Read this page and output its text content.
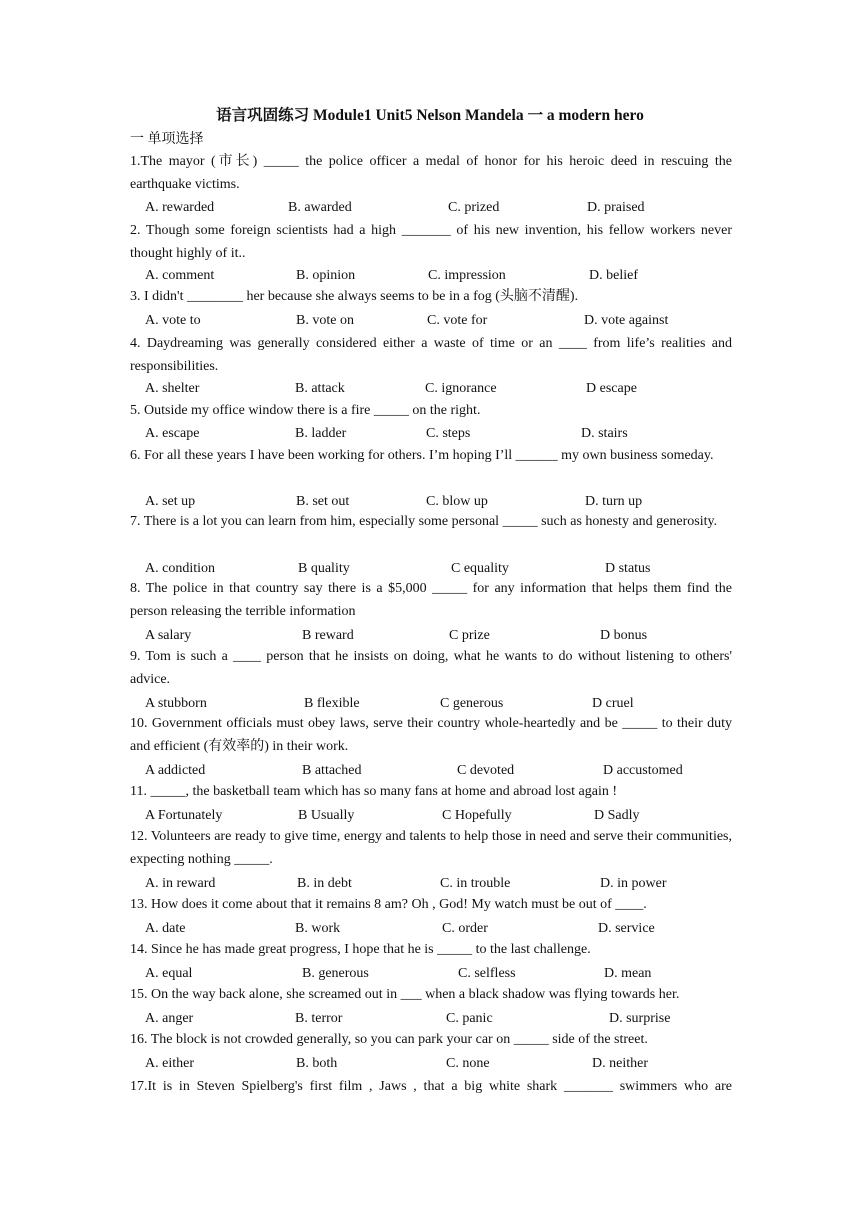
语言巩固练习 Module1 Unit5 Nelson Mandela 一 a modern hero
一 单项选择
1.The mayor (市长) _____ the police officer a medal of honor for his heroic deed in rescuing the earthquake victims.
A. rewarded	B. awarded	C. prized	D. praised
2. Though some foreign scientists had a high _______ of his new invention, his fellow workers never thought highly of it..
A. comment	B. opinion	C. impression	D. belief
3. I didn't ________ her because she always seems to be in a fog (头脑不清醒).
A. vote to	B. vote on	C. vote for	D. vote against
4. Daydreaming was generally considered either a waste of time or an ____ from life’s realities and responsibilities.
A. shelter	B. attack	C. ignorance	D escape
5. Outside my office window there is a fire _____ on the right.
A. escape	B. ladder	C. steps	D. stairs
6. For all these years I have been working for others. I’m hoping I’ll ______ my own business someday.
A. set up	B. set out	C. blow up	D. turn up
7. There is a lot you can learn from him, especially some personal _____ such as honesty and generosity.
A. condition	B quality	C equality	D status
8. The police in that country say there is a $5,000 _____ for any information that helps them find the person releasing the terrible information
A salary	B reward	C prize	D bonus
9. Tom is such a ____ person that he insists on doing, what he wants to do without listening to others' advice.
A stubborn	B flexible	C generous	D cruel
10. Government officials must obey laws, serve their country whole-heartedly and be _____ to their duty and efficient (有效率的) in their work.
A addicted	B attached	C devoted	D accustomed
11. _____, the basketball team which has so many fans at home and abroad lost again !
A Fortunately	B Usually	C Hopefully	D Sadly
12. Volunteers are ready to give time, energy and talents to help those in need and serve their communities, expecting nothing _____.
A. in reward	B. in debt	C. in trouble	D. in power
13. How does it come about that it remains 8 am? Oh , God! My watch must be out of ____.
A. date	B. work	C. order	D. service
14. Since he has made great progress, I hope that he is _____ to the last challenge.
A. equal	B. generous	C. selfless	D. mean
15. On the way back alone, she screamed out in ___ when a black shadow was flying towards her.
A. anger	B. terror	C. panic	D. surprise
16. The block is not crowded generally, so you can park your car on _____ side of the street.
A. either	B. both	C. none	D. neither
17.It is in Steven Spielberg's first film , Jaws , that a big white shark _______ swimmers who are
